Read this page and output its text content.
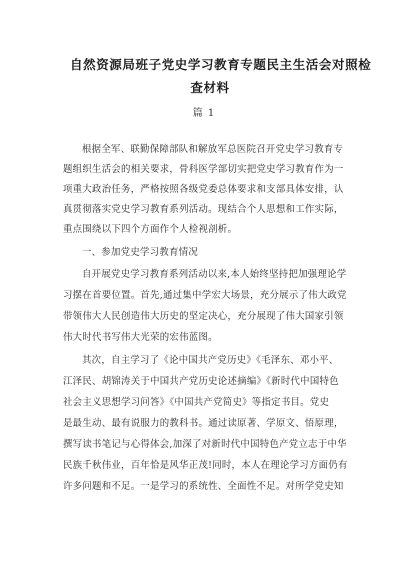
自然资源局班子党史学习教育专题民主生活会对照检
查材料
篇 1
根据全军、联勤保障部队和解放军总医院召开党史学习教育专
题组织生活会的相关要求，骨科医学部切实把党史学习教育作为一
项重大政治任务，严格按照各级党委总体要求和支部具体安排，认
真贯彻落实党史学习教育系列活动。现结合个人思想和工作实际，
重点围绕以下四个方面作个人检视剖析。
一、参加党史学习教育情况
自开展党史学习教育系列活动以来,本人始终坚持把加强理论学
习摆在首要位置。首先,通过集中学宏大场景，充分展示了伟大政党
带领伟大人民创造伟大历史的坚定决心，充分展现了伟大国家引领
伟大时代书写伟大光荣的宏伟蓝图。
其次，自主学习了《论中国共产党历史》《毛泽东、邓小平、
江泽民、胡锦涛关于中国共产党历史论述摘编》《新时代中国特色
社会主义思想学习问答》《中国共产党简史》等指定书目。党史
是最生动、最有说服力的教科书。通过读原著、学原文、悟原理，
撰写读书笔记与心得体会,加深了对新时代中国特色产党立志于中华
民族千秋伟业，百年恰是风华正茂!同时，本人在理论学习方面仍有
许多问题和不足。一是学习的系统性、全面性不足。对所学党史知
